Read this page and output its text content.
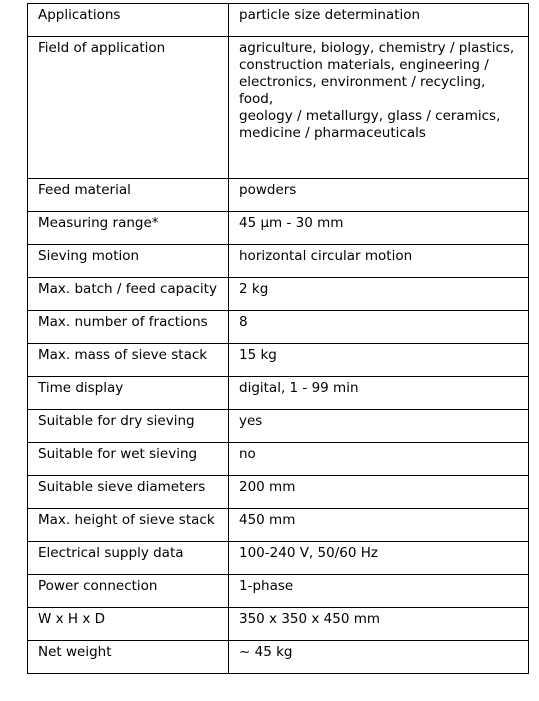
Applications	particle size determination
Field of application	agriculture, biology, chemistry / plastics,
construction materials, engineering /
electronics, environment / recycling, food,
geology / metallurgy, glass / ceramics,
medicine / pharmaceuticals
Feed material	powders
Measuring range*	45 µm - 30 mm
Sieving motion	horizontal circular motion
Max. batch / feed capacity	2 kg
Max. number of fractions	8
Max. mass of sieve stack	15 kg
Time display	digital, 1 - 99 min
Suitable for dry sieving	yes
Suitable for wet sieving	no
Suitable sieve diameters	200 mm
Max. height of sieve stack	450 mm
Electrical supply data	100-240 V, 50/60 Hz
Power connection	1-phase
W x H x D	350 x 350 x 450 mm
Net weight	~ 45 kg
